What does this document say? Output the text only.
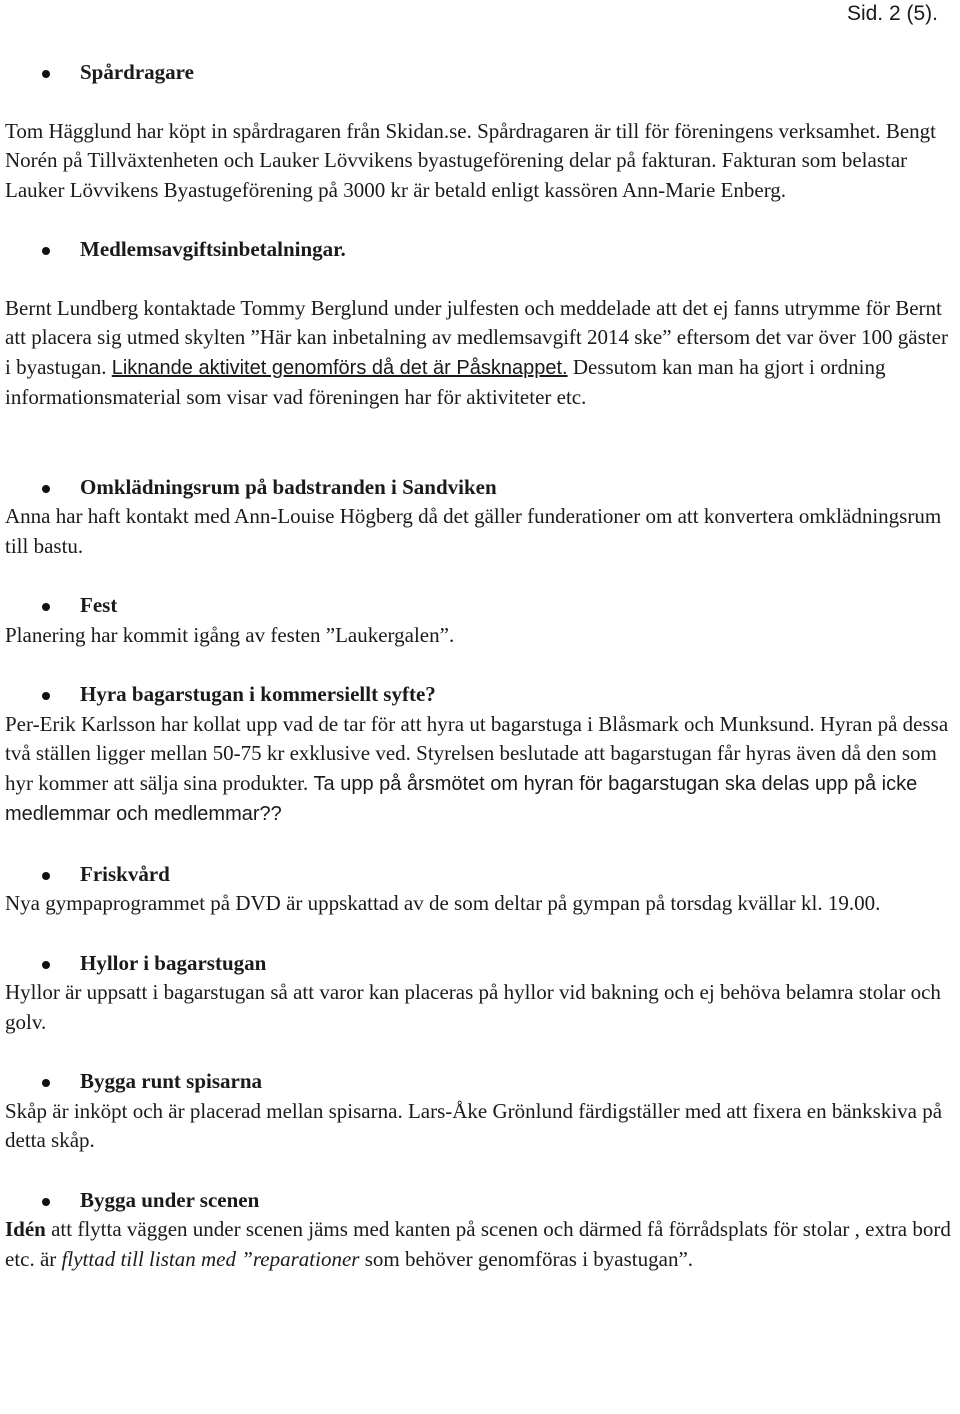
Sid. 2 (5).
Spårdragare

Tom Hägglund har köpt in spårdragaren från Skidan.se. Spårdragaren är till för föreningens verksamhet. Bengt Norén på Tillväxtenheten och Lauker Lövvikens byastugeförening delar på fakturan. Fakturan som belastar Lauker Lövvikens Byastugeförening på 3000 kr är betald enligt kassören Ann-Marie Enberg.

Medlemsavgiftsinbetalningar.

Bernt Lundberg kontaktade Tommy Berglund under julfesten och meddelade att det ej fanns utrymme för Bernt att placera sig utmed skylten ”Här kan inbetalning av medlemsavgift 2014 ske” eftersom det var över 100 gäster i byastugan. Liknande aktivitet genomförs då det är Påsknappet. Dessutom kan man ha gjort i ordning informationsmaterial som visar vad föreningen har för aktiviteter etc.

Omklädningsrum på badstranden i Sandviken

Anna har haft kontakt med Ann-Louise Högberg då det gäller funderationer om att konvertera omklädningsrum till bastu.

Fest

Planering har kommit igång av festen ”Laukergalen”.

Hyra bagarstugan i kommersiellt syfte?

Per-Erik Karlsson har kollat upp vad de tar för att hyra ut bagarstuga i Blåsmark och Munksund. Hyran på dessa två ställen ligger mellan 50-75 kr exklusive ved. Styrelsen beslutade att bagarstugan får hyras även då den som hyr kommer att sälja sina produkter. Ta upp på årsmötet om hyran för bagarstugan ska delas upp på icke medlemmar och medlemmar??

Friskvård

Nya gympaprogrammet på DVD är uppskattad av de som deltar på gympan på torsdag kvällar kl. 19.00.

Hyllor i bagarstugan

Hyllor är uppsatt i bagarstugan så att varor kan placeras på hyllor vid bakning och ej behöva belamra stolar och golv.

Bygga runt spisarna

Skåp är inköpt och är placerad mellan spisarna. Lars-Åke Grönlund färdigställer med att fixera en bänkskiva på detta skåp.

Bygga under scenen

Idén att flytta väggen under scenen jäms med kanten på scenen och därmed få förrådsplats för stolar , extra bord etc. är flyttad till listan med ”reparationer som behöver genomföras i byastugan”.
